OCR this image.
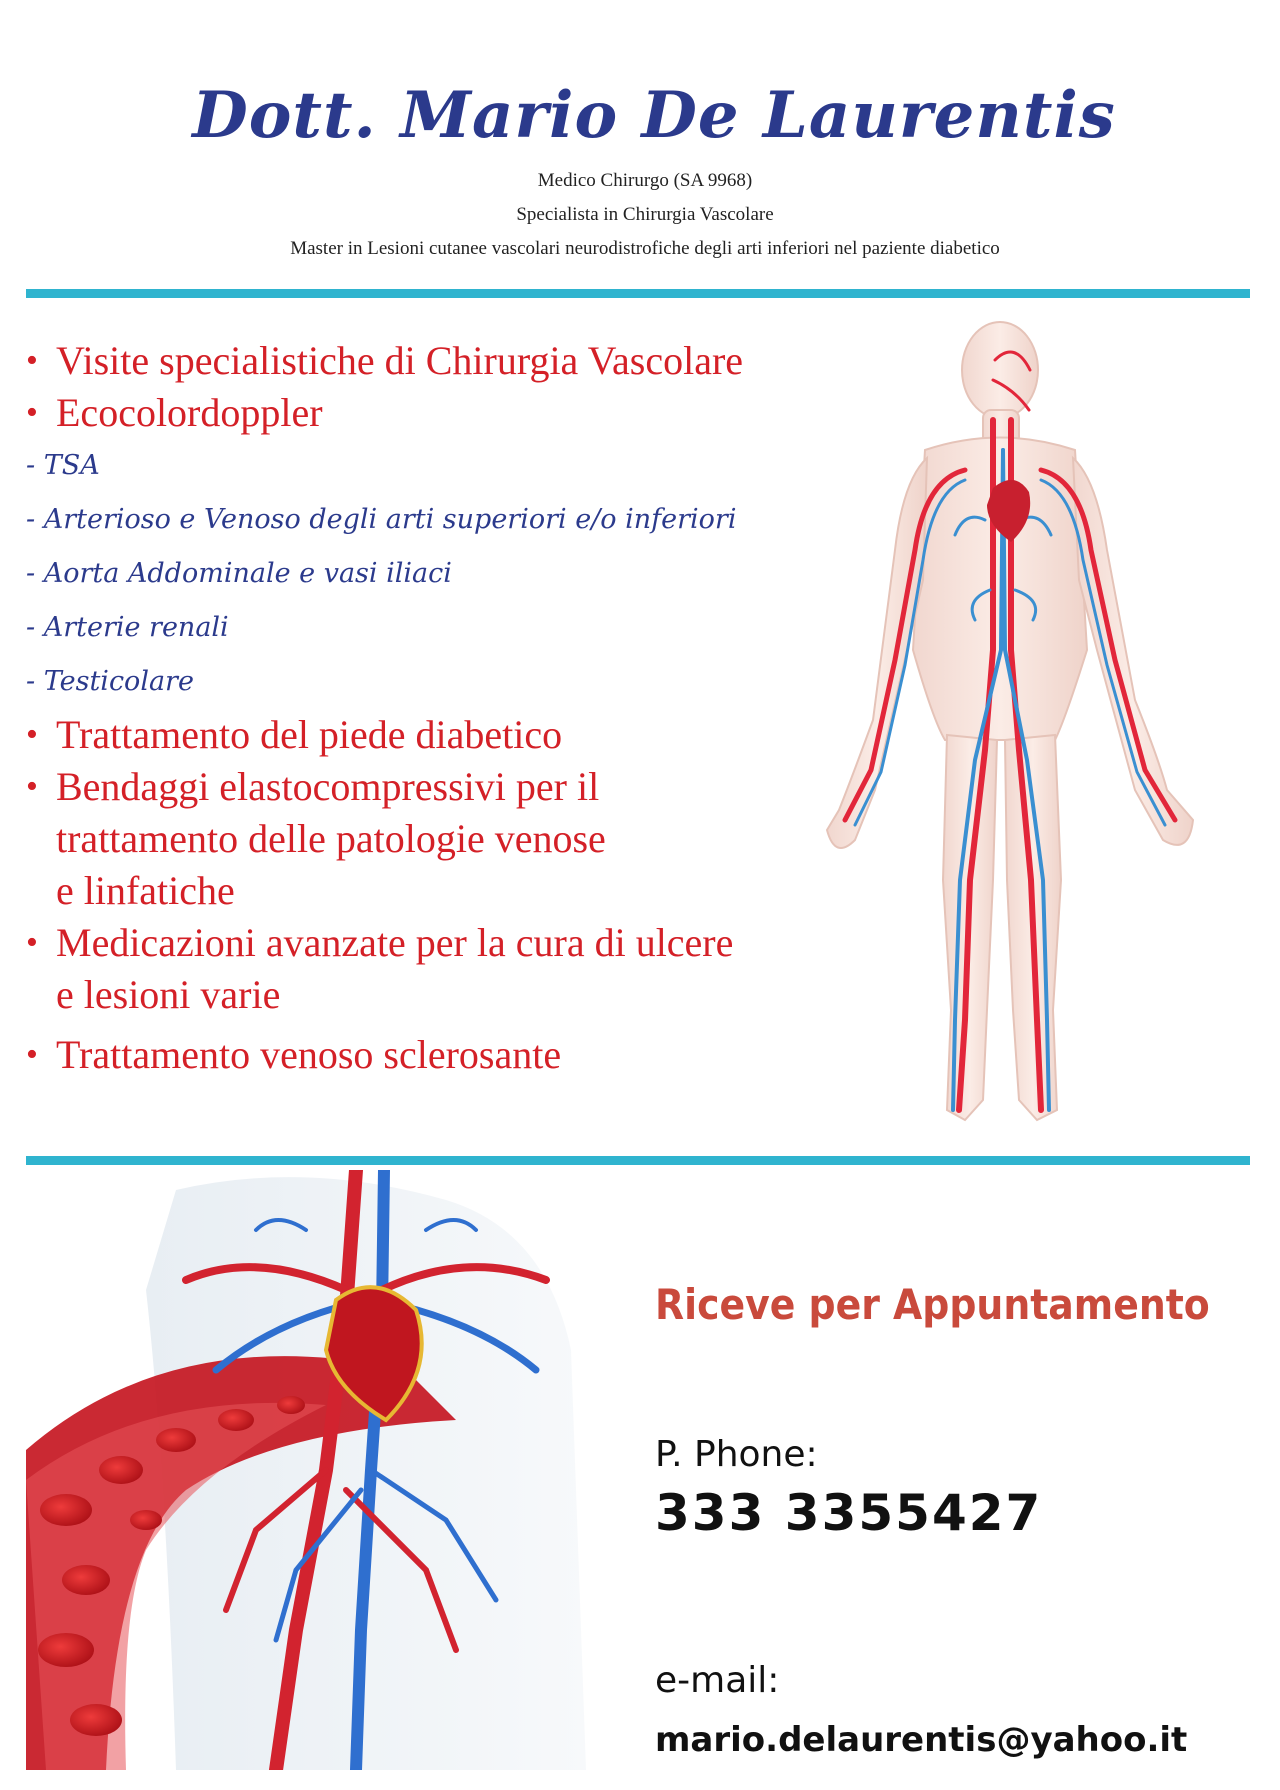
Dott. Mario De Laurentis

Medico Chirurgo (SA 9968)

Specialista in Chirurgia Vascolare

Master in Lesioni cutanee vascolari neurodistrofiche degli arti inferiori nel paziente diabetico

• Visite specialistiche di Chirurgia Vascolare

• Ecocolordoppler

- TSA

- Arterioso e Venoso degli arti superiori e/o inferiori

- Aorta Addominale e vasi iliaci

- Arterie renali

- Testicolare

• Trattamento del piede diabetico

• Bendaggi elastocompressivi per il
trattamento delle patologie venose
e linfatiche

• Medicazioni avanzate per la cura di ulcere
e lesioni varie

• Trattamento venoso sclerosante

Riceve per Appuntamento
P. Phone:
333 3355427
e-mail:
mario.delaurentis@yahoo.it
